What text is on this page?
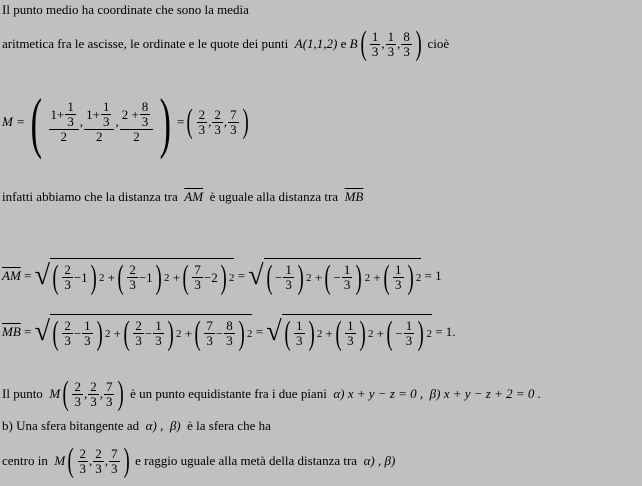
Il punto medio ha coordinate che sono la media
aritmetica fra le ascisse, le ordinate e le quote dei punti
A(1,1,2)
e
B ( $\frac{1}{3}$ , $\frac{1}{3}$ , $\frac{8}{3}$ )
cioè
M = ( $\frac{1+ \frac{1}{3}}{2}$ , $\frac{1+ \frac{1}{3}}{2}$ , $\frac{2 + \frac{8}{3}}{2}$ ) = ( $\frac{2}{3}$ , $\frac{2}{3}$ , $\frac{7}{3}$ )
infatti abbiamo che la distanza tra $\overline{AM}$ è uguale alla distanza tra $\overline{MB}$
$\overline{AM}$ = √ ( $\frac{2}{3} -1$ ) 2 + ( $\frac{2}{3} -1$ ) 2 + ( $\frac{7}{3} -2$ ) 2 = √ ( − $\frac{1}{3}$ ) 2 + ( − $\frac{1}{3}$ ) 2 + ( $\frac{1}{3}$ ) 2
= 1
$\overline{MB}$ = √ ( $\frac{2}{3} - \frac{1}{3}$ ) 2 + ( $\frac{2}{3} - \frac{1}{3}$ ) 2 + ( $\frac{7}{3} - \frac{8}{3}$ ) 2 = √ ( $\frac{1}{3}$ ) 2 + ( $\frac{1}{3}$ ) 2 + ( − $\frac{1}{3}$ ) 2
= 1.
Il punto
M ( $\frac{2}{3}$ , $\frac{2}{3}$ , $\frac{7}{3}$ )
è un punto equidistante fra i due piani
α) x + y − z = 0 ,
β) x + y − z + 2 = 0 .
b) Una sfera bitangente ad α) , β) è la sfera che ha
centro in
M ( $\frac{2}{3}$ , $\frac{2}{3}$ , $\frac{7}{3}$ )
e raggio uguale alla metà della distanza tra
α) ,
β)
